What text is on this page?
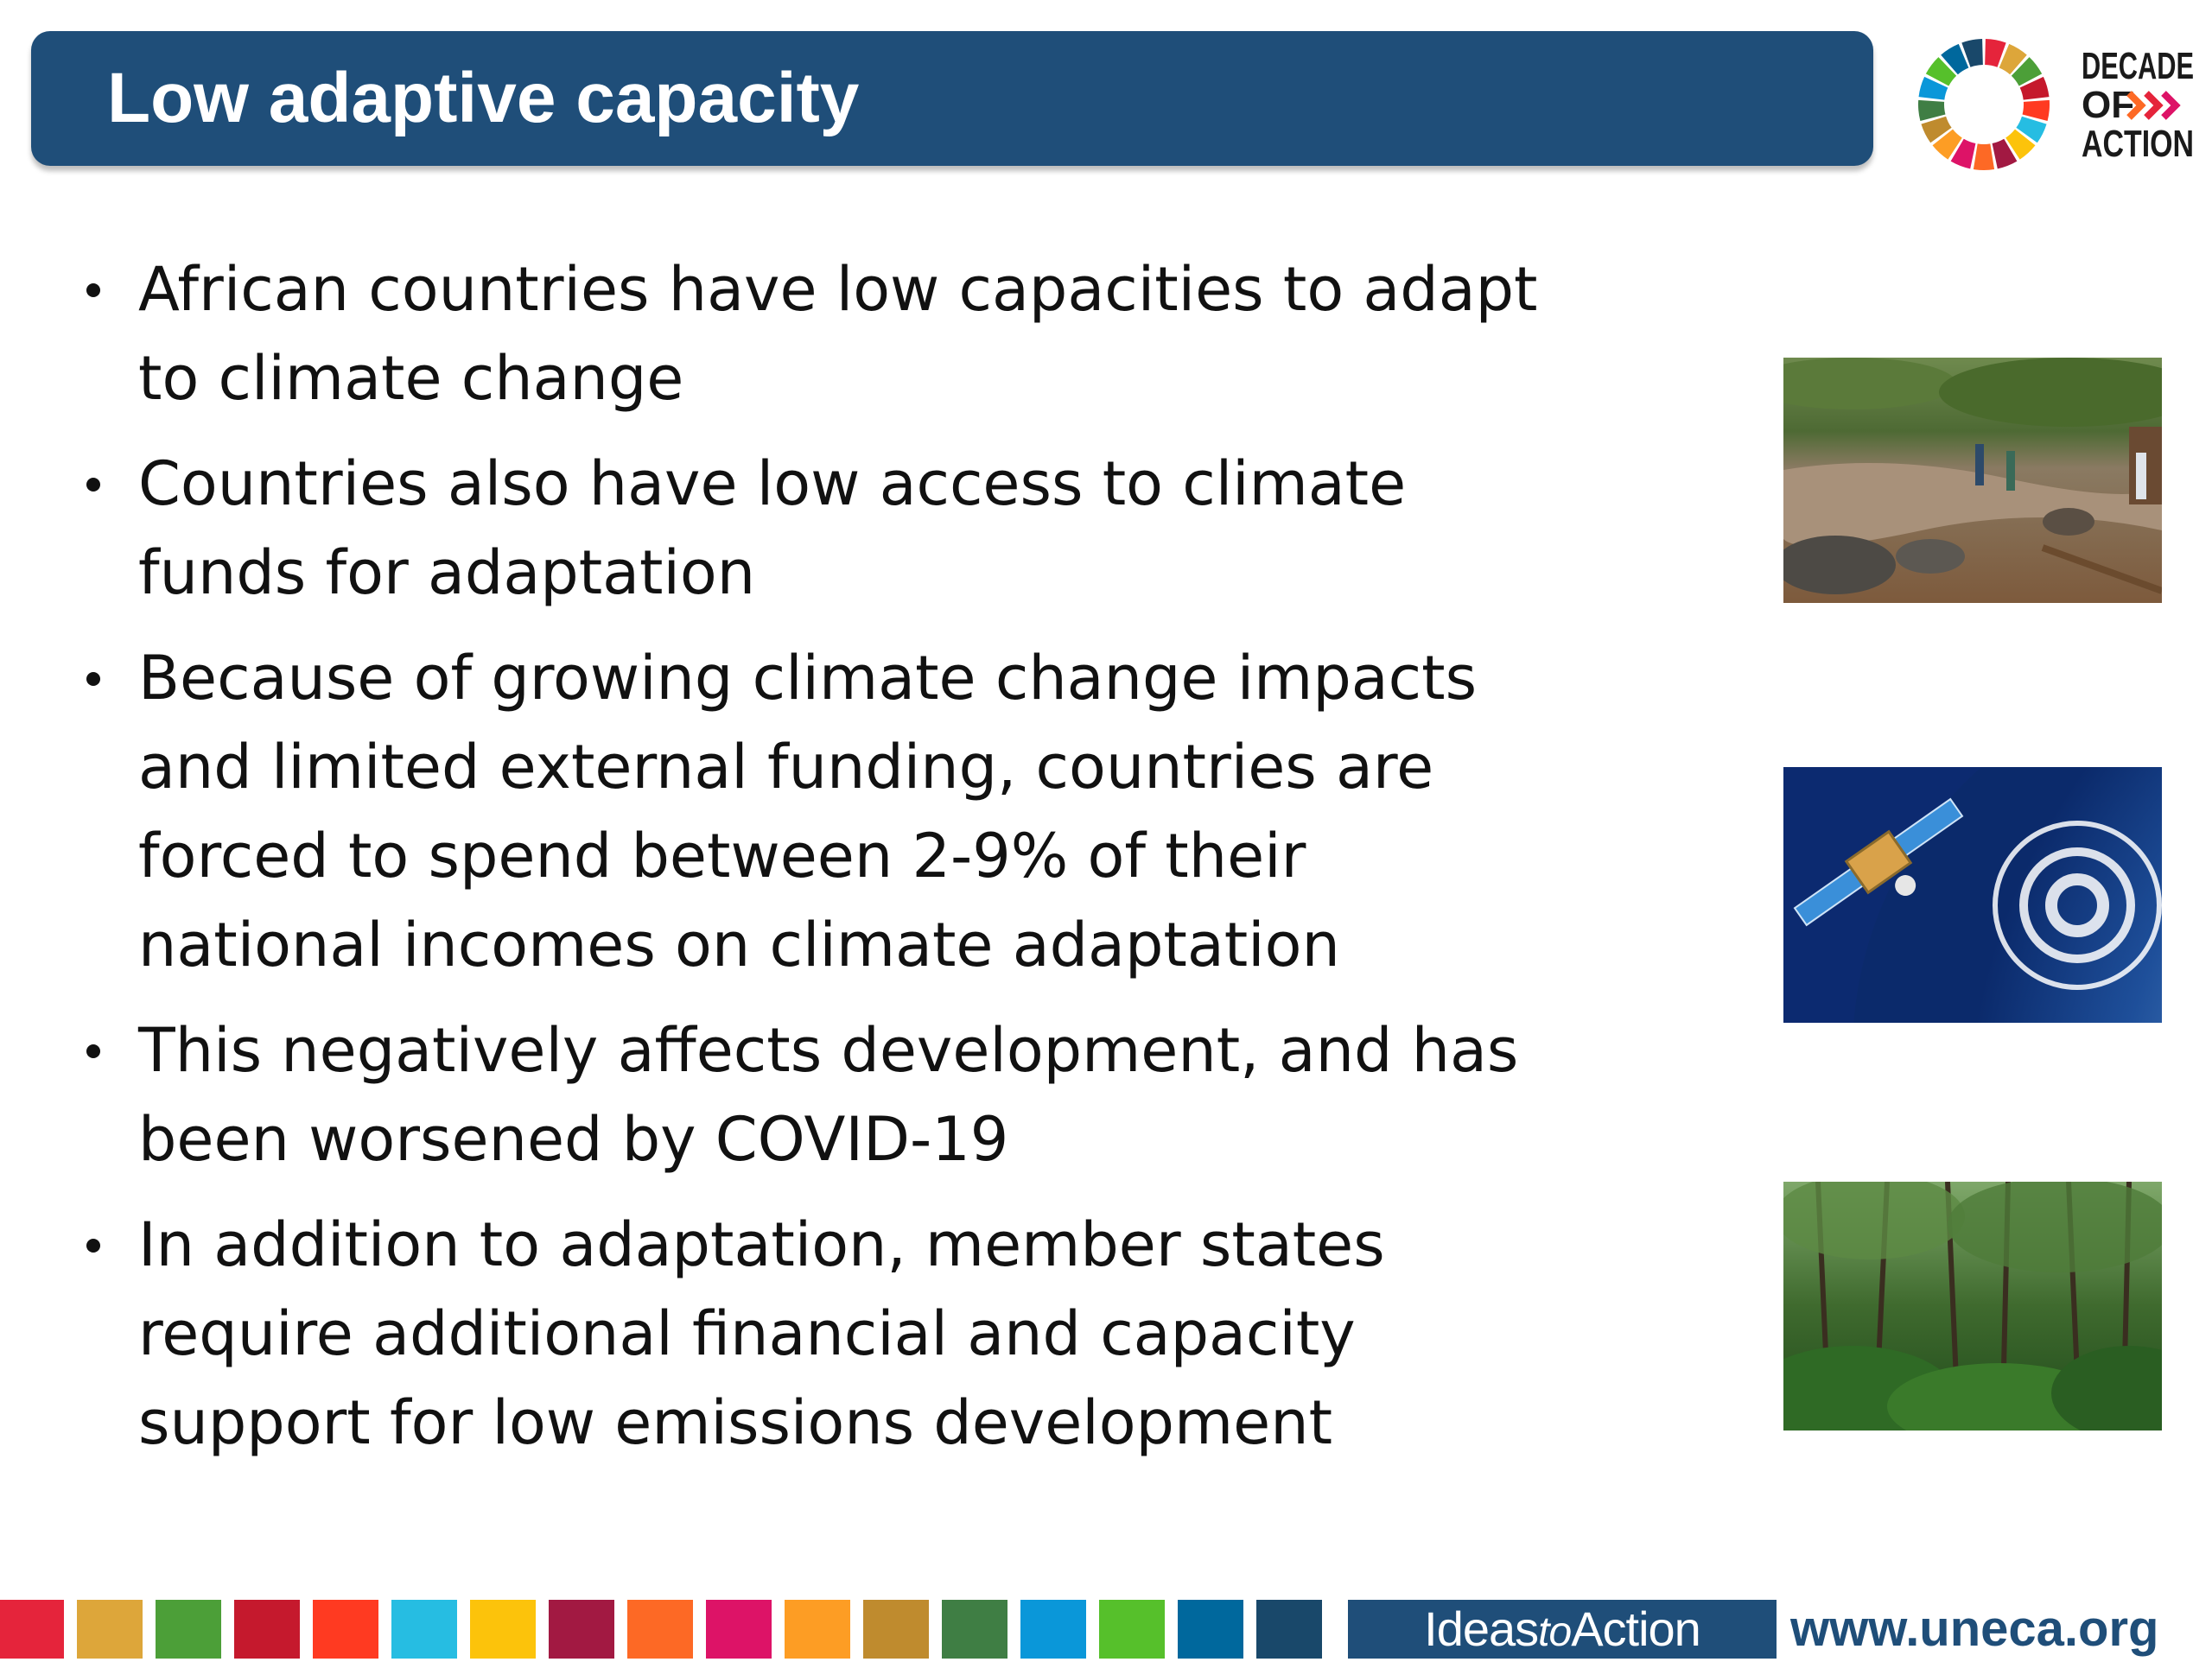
Low adaptive capacity	DECADE
OF
ACTION
African countries have low capacities to adapt to climate change
Countries also have low access to climate funds for adaptation
Because of growing climate change impacts and limited external funding, countries are forced to spend between 2-9% of their national incomes on climate adaptation
This negatively affects development, and has been worsened by COVID-19
In addition to adaptation, member states require additional financial and capacity support for low emissions development
IdeastoAction	www.uneca.org
